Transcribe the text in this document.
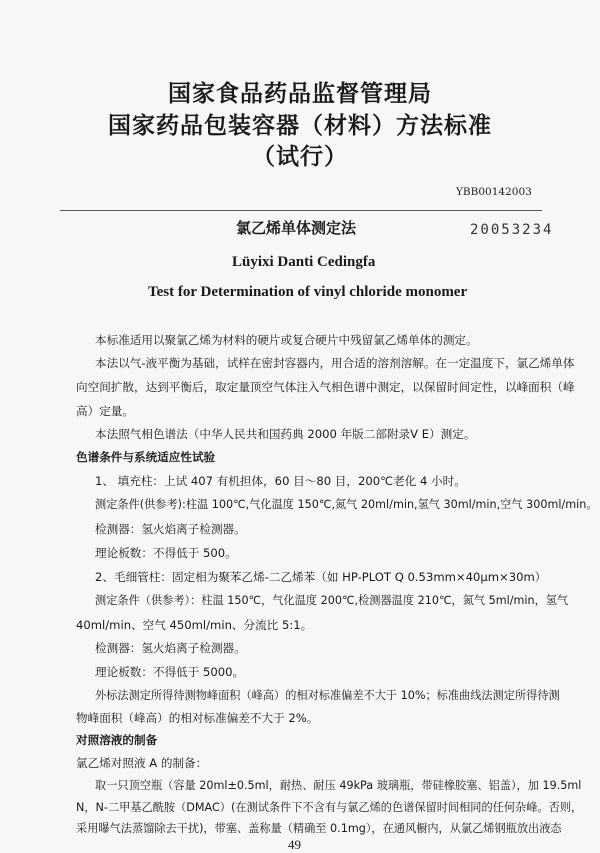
国家食品药品监督管理局
国家药品包装容器（材料）方法标准
（试行）
YBB00142003
氯乙烯单体测定法	20053234
Lüyixi Danti Cedingfa
Test for Determination of vinyl chloride monomer
本标准适用以聚氯乙烯为材料的硬片或复合硬片中残留氯乙烯单体的测定。
本法以气-液平衡为基础，试样在密封容器内，用合适的溶剂溶解。在一定温度下，氯乙烯单体
向空间扩散，达到平衡后，取定量顶空气体注入气相色谱中测定，以保留时间定性，以峰面积（峰
高）定量。
本法照气相色谱法（中华人民共和国药典 2000 年版二部附录Ⅴ E）测定。
色谱条件与系统适应性试验
1、 填充柱：上试 407 有机担体，60 目～80 目，200℃老化 4 小时。
测定条件(供参考):柱温 100℃,气化温度 150℃,氮气 20ml/min,氢气 30ml/min,空气 300ml/min。
检测器：氢火焰离子检测器。
理论板数：不得低于 500。
2、毛细管柱：固定相为聚苯乙烯-二乙烯苯（如 HP-PLOT Q 0.53mm×40μm×30m）
测定条件（供参考）：柱温 150℃，气化温度 200℃,检测器温度 210℃，氮气 5ml/min，氢气
40ml/min、空气 450ml/min、分流比 5:1。
检测器：氢火焰离子检测器。
理论板数：不得低于 5000。
外标法测定所得待测物峰面积（峰高）的相对标准偏差不大于 10%；标准曲线法测定所得待测
物峰面积（峰高）的相对标准偏差不大于 2%。
对照溶液的制备
氯乙烯对照液 A 的制备：
取一只顶空瓶（容量 20ml±0.5ml，耐热、耐压 49kPa 玻璃瓶，带硅橡胶塞、铝盖），加 19.5ml
N，N-二甲基乙酰胺（DMAC）(在测试条件下不含有与氯乙烯的色谱保留时间相同的任何杂峰。否则，
采用曝气法蒸馏除去干扰)，带塞、盖称量（精确至 0.1mg），在通风橱内，从氯乙烯钢瓶放出液态
49
